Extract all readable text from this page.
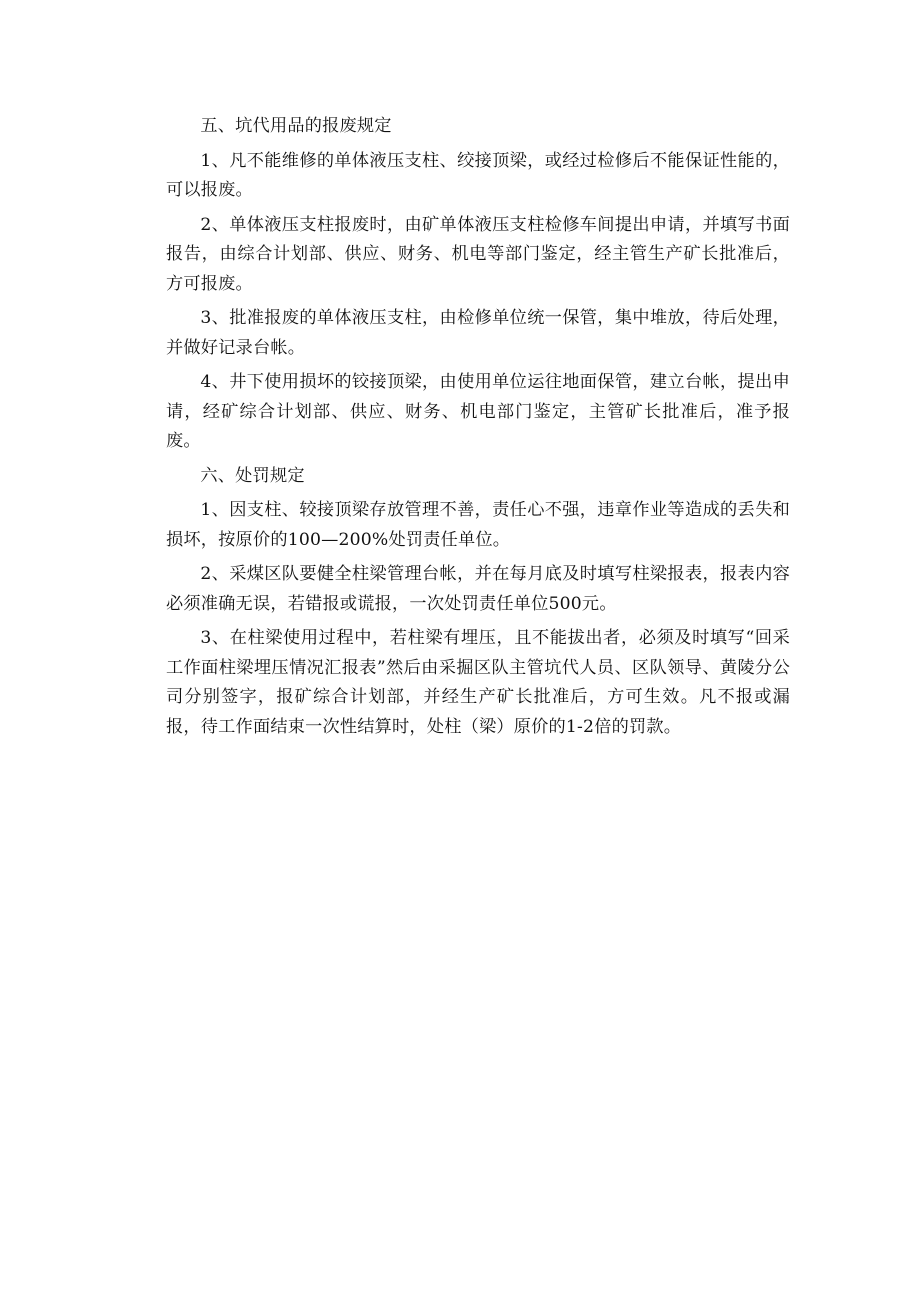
五、坑代用品的报废规定

1、凡不能维修的单体液压支柱、绞接顶梁，或经过检修后不能保证性能的，可以报废。

2、单体液压支柱报废时，由矿单体液压支柱检修车间提出申请，并填写书面报告，由综合计划部、供应、财务、机电等部门鉴定，经主管生产矿长批准后，方可报废。

3、批准报废的单体液压支柱，由检修单位统一保管，集中堆放，待后处理，并做好记录台帐。

4、井下使用损坏的铰接顶梁，由使用单位运往地面保管，建立台帐，提出申请，经矿综合计划部、供应、财务、机电部门鉴定，主管矿长批准后，准予报废。

六、处罚规定

1、因支柱、较接顶梁存放管理不善，责任心不强，违章作业等造成的丢失和损坏，按原价的100—200%处罚责任单位。

2、采煤区队要健全柱梁管理台帐，并在每月底及时填写柱梁报表，报表内容必须准确无误，若错报或谎报，一次处罚责任单位500元。

3、在柱梁使用过程中，若柱梁有埋压，且不能拔出者，必须及时填写“回采工作面柱梁埋压情况汇报表”然后由采掘区队主管坑代人员、区队领导、黄陵分公司分别签字，报矿综合计划部，并经生产矿长批准后，方可生效。凡不报或漏报，待工作面结束一次性结算时，处柱（梁）原价的1-2倍的罚款。
